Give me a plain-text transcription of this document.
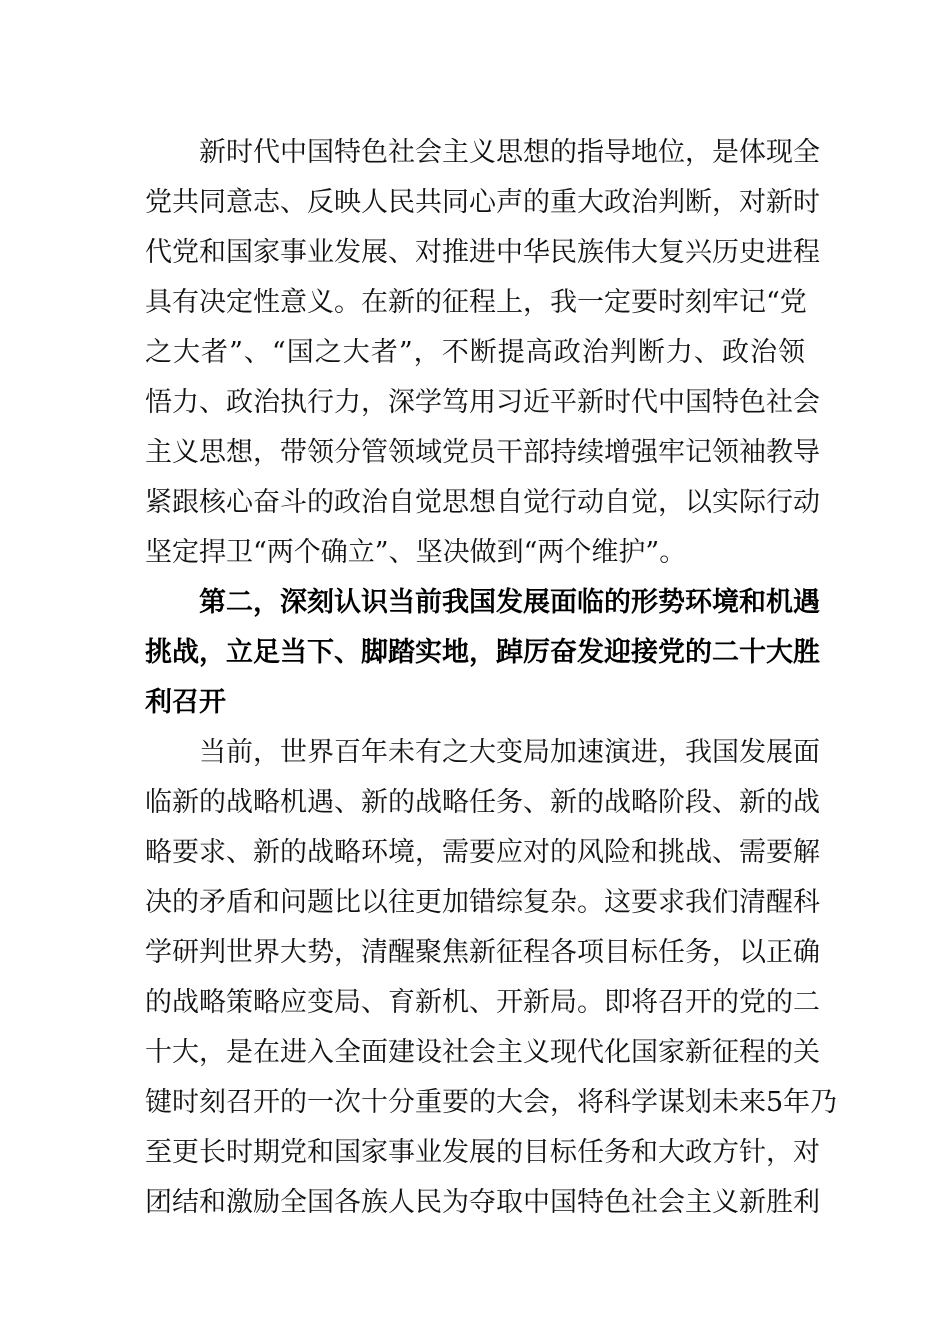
新时代中国特色社会主义思想的指导地位，是体现全
党共同意志、反映人民共同心声的重大政治判断，对新时
代党和国家事业发展、对推进中华民族伟大复兴历史进程
具有决定性意义。在新的征程上，我一定要时刻牢记“党
之大者”、“国之大者”，不断提高政治判断力、政治领
悟力、政治执行力，深学笃用习近平新时代中国特色社会
主义思想，带领分管领域党员干部持续增强牢记领袖教导
紧跟核心奋斗的政治自觉思想自觉行动自觉，以实际行动
坚定捍卫“两个确立”、坚决做到“两个维护”。
第二，深刻认识当前我国发展面临的形势环境和机遇
挑战，立足当下、脚踏实地，踔厉奋发迎接党的二十大胜
利召开
当前，世界百年未有之大变局加速演进，我国发展面
临新的战略机遇、新的战略任务、新的战略阶段、新的战
略要求、新的战略环境，需要应对的风险和挑战、需要解
决的矛盾和问题比以往更加错综复杂。这要求我们清醒科
学研判世界大势，清醒聚焦新征程各项目标任务，以正确
的战略策略应变局、育新机、开新局。即将召开的党的二
十大，是在进入全面建设社会主义现代化国家新征程的关
键时刻召开的一次十分重要的大会，将科学谋划未来5年乃
至更长时期党和国家事业发展的目标任务和大政方针，对
团结和激励全国各族人民为夺取中国特色社会主义新胜利
